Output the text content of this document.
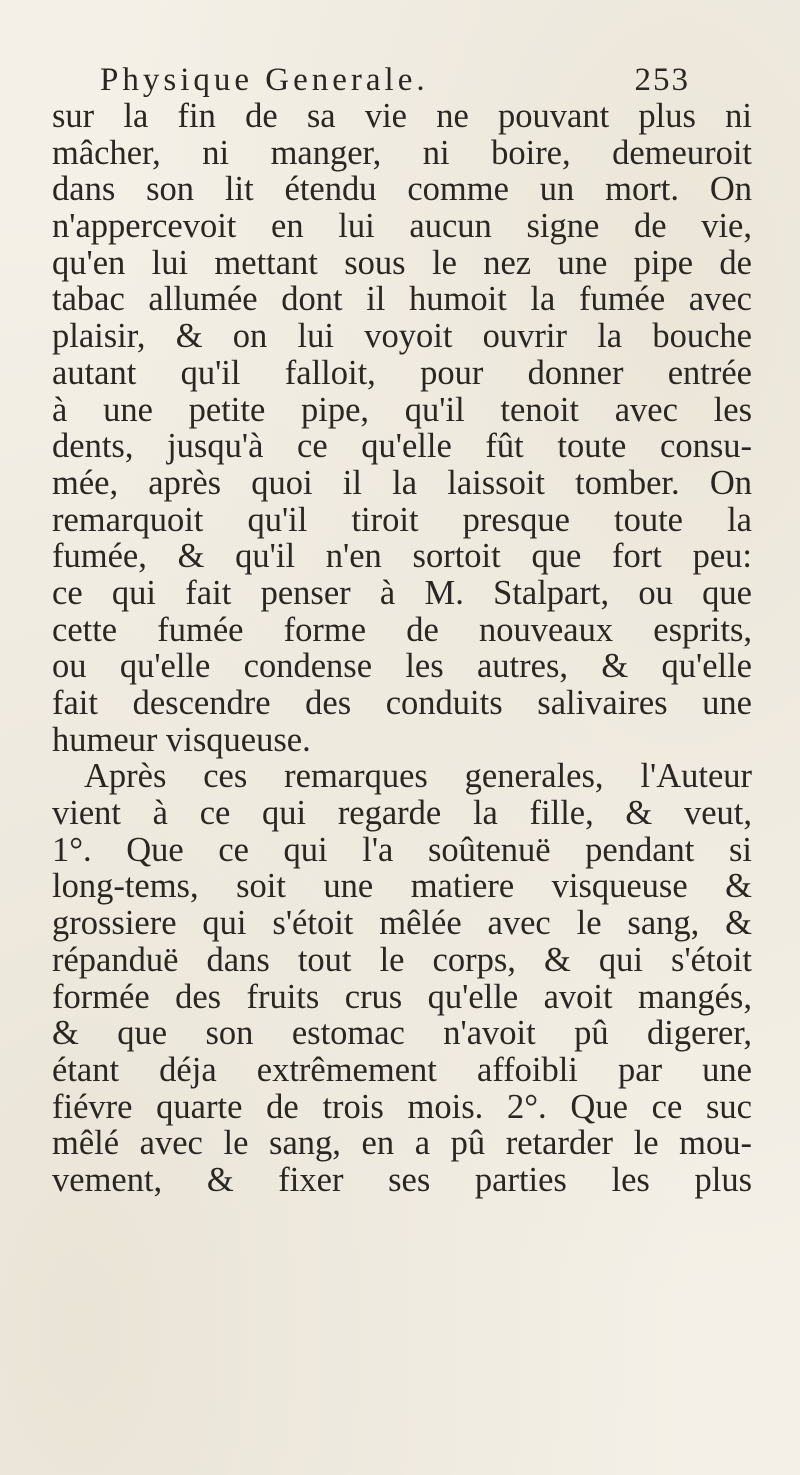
Physique Generale.	253
sur la fin de sa vie ne pouvant plus ni
mâcher, ni manger, ni boire, demeuroit
dans son lit étendu comme un mort. On
n'appercevoit en lui aucun signe de vie,
qu'en lui mettant sous le nez une pipe de
tabac allumée dont il humoit la fumée avec
plaisir, & on lui voyoit ouvrir la bouche
autant qu'il falloit, pour donner entrée
à une petite pipe, qu'il tenoit avec les
dents, jusqu'à ce qu'elle fût toute consu-
mée, après quoi il la laissoit tomber. On
remarquoit qu'il tiroit presque toute la
fumée, & qu'il n'en sortoit que fort peu:
ce qui fait penser à M. Stalpart, ou que
cette fumée forme de nouveaux esprits,
ou qu'elle condense les autres, & qu'elle
fait descendre des conduits salivaires une
humeur visqueuse.
Après ces remarques generales, l'Auteur
vient à ce qui regarde la fille, & veut,
1°. Que ce qui l'a soûtenuë pendant si
long-tems, soit une matiere visqueuse &
grossiere qui s'étoit mêlée avec le sang, &
répanduë dans tout le corps, & qui s'étoit
formée des fruits crus qu'elle avoit mangés,
& que son estomac n'avoit pû digerer,
étant déja extrêmement affoibli par une
fiévre quarte de trois mois. 2°. Que ce suc
mêlé avec le sang, en a pû retarder le mou-
vement, & fixer ses parties les plus
